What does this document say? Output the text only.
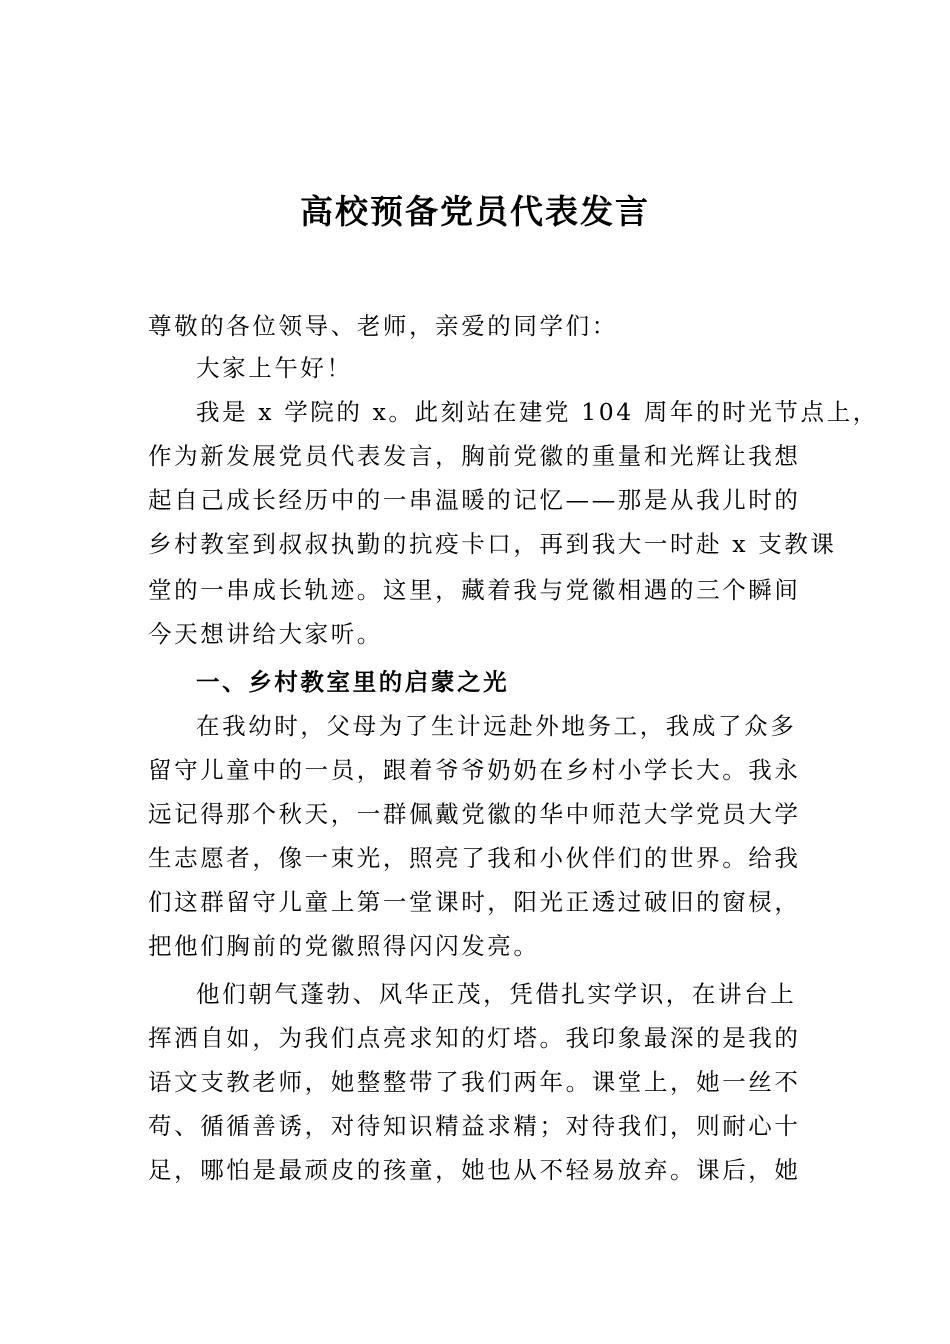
高校预备党员代表发言
尊敬的各位领导、老师，亲爱的同学们：
大家上午好！
我是 x 学院的 x。此刻站在建党 104 周年的时光节点上，
作为新发展党员代表发言，胸前党徽的重量和光辉让我想
起自己成长经历中的一串温暖的记忆——那是从我儿时的
乡村教室到叔叔执勤的抗疫卡口，再到我大一时赴 x 支教课
堂的一串成长轨迹。这里，藏着我与党徽相遇的三个瞬间
今天想讲给大家听。
一、乡村教室里的启蒙之光
在我幼时，父母为了生计远赴外地务工，我成了众多
留守儿童中的一员，跟着爷爷奶奶在乡村小学长大。我永
远记得那个秋天，一群佩戴党徽的华中师范大学党员大学
生志愿者，像一束光，照亮了我和小伙伴们的世界。给我
们这群留守儿童上第一堂课时，阳光正透过破旧的窗棂，
把他们胸前的党徽照得闪闪发亮。
他们朝气蓬勃、风华正茂，凭借扎实学识，在讲台上
挥洒自如，为我们点亮求知的灯塔。我印象最深的是我的
语文支教老师，她整整带了我们两年。课堂上，她一丝不
苟、循循善诱，对待知识精益求精；对待我们，则耐心十
足，哪怕是最顽皮的孩童，她也从不轻易放弃。课后，她
